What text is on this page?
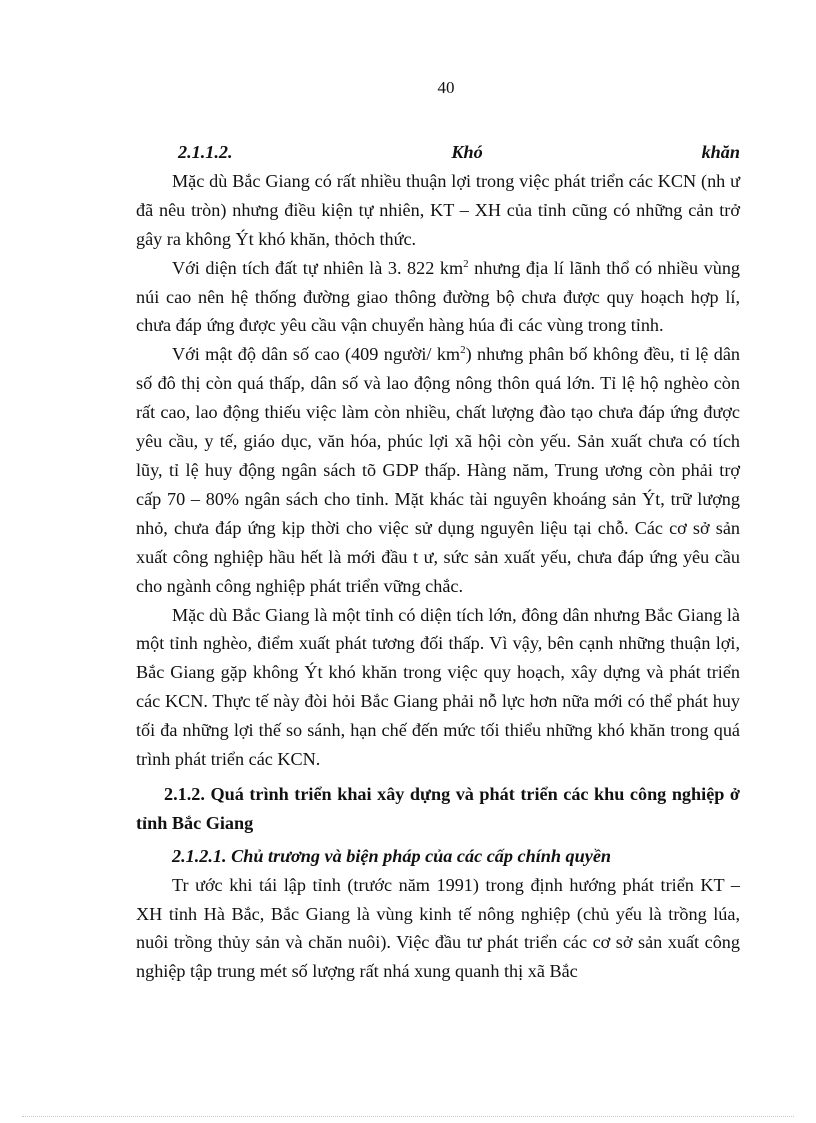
40
2.1.1.2.	Khó	khăn

Mặc dù Bắc Giang có rất nhiều thuận lợi trong việc phát triển các KCN (nh ư đã nêu tròn) nhưng điều kiện tự nhiên, KT – XH của tỉnh cũng có những cản trở gây ra không Ýt khó khăn, thỏch thức.

Với diện tích đất tự nhiên là 3. 822 $km^2$ nhưng địa lí lãnh thổ có nhiều vùng núi cao nên hệ thống đường giao thông đường bộ chưa được quy hoạch hợp lí, chưa đáp ứng được yêu cầu vận chuyển hàng húa đi các vùng trong tỉnh.

Với mật độ dân số cao (409 người/ $km^2$) nhưng phân bố không đều, tỉ lệ dân số đô thị còn quá thấp, dân số và lao động nông thôn quá lớn. Tỉ lệ hộ nghèo còn rất cao, lao động thiếu việc làm còn nhiều, chất lượng đào tạo chưa đáp ứng được yêu cầu, y tế, giáo dục, văn hóa, phúc lợi xã hội còn yếu. Sản xuất chưa có tích lũy, tỉ lệ huy động ngân sách tõ GDP thấp. Hàng năm, Trung ương còn phải trợ cấp 70 – 80% ngân sách cho tỉnh. Mặt khác tài nguyên khoáng sản Ýt, trữ lượng nhỏ, chưa đáp ứng kịp thời cho việc sử dụng nguyên liệu tại chỗ. Các cơ sở sản xuất công nghiệp hầu hết là mới đầu t ư, sức sản xuất yếu, chưa đáp ứng yêu cầu cho ngành công nghiệp phát triển vững chắc.

Mặc dù Bắc Giang là một tỉnh có diện tích lớn, đông dân nhưng Bắc Giang là một tỉnh nghèo, điểm xuất phát tương đối thấp. Vì vậy, bên cạnh những thuận lợi, Bắc Giang gặp không Ýt khó khăn trong việc quy hoạch, xây dựng và phát triển các KCN. Thực tế này đòi hỏi Bắc Giang phải nỗ lực hơn nữa mới có thể phát huy tối đa những lợi thế so sánh, hạn chế đến mức tối thiểu những khó khăn trong quá trình phát triển các KCN.

2.1.2. Quá trình triển khai xây dựng và phát triển các khu công nghiệp ở tỉnh Bắc Giang

2.1.2.1. Chủ trương và biện pháp của các cấp chính quyền

Tr ước khi tái lập tỉnh (trước năm 1991) trong định hướng phát triển KT – XH tỉnh Hà Bắc, Bắc Giang là vùng kinh tế nông nghiệp (chủ yếu là trồng lúa, nuôi trồng thủy sản và chăn nuôi). Việc đầu tư phát triển các cơ sở sản xuất công nghiệp tập trung mét số lượng rất nhá xung quanh thị xã Bắc
